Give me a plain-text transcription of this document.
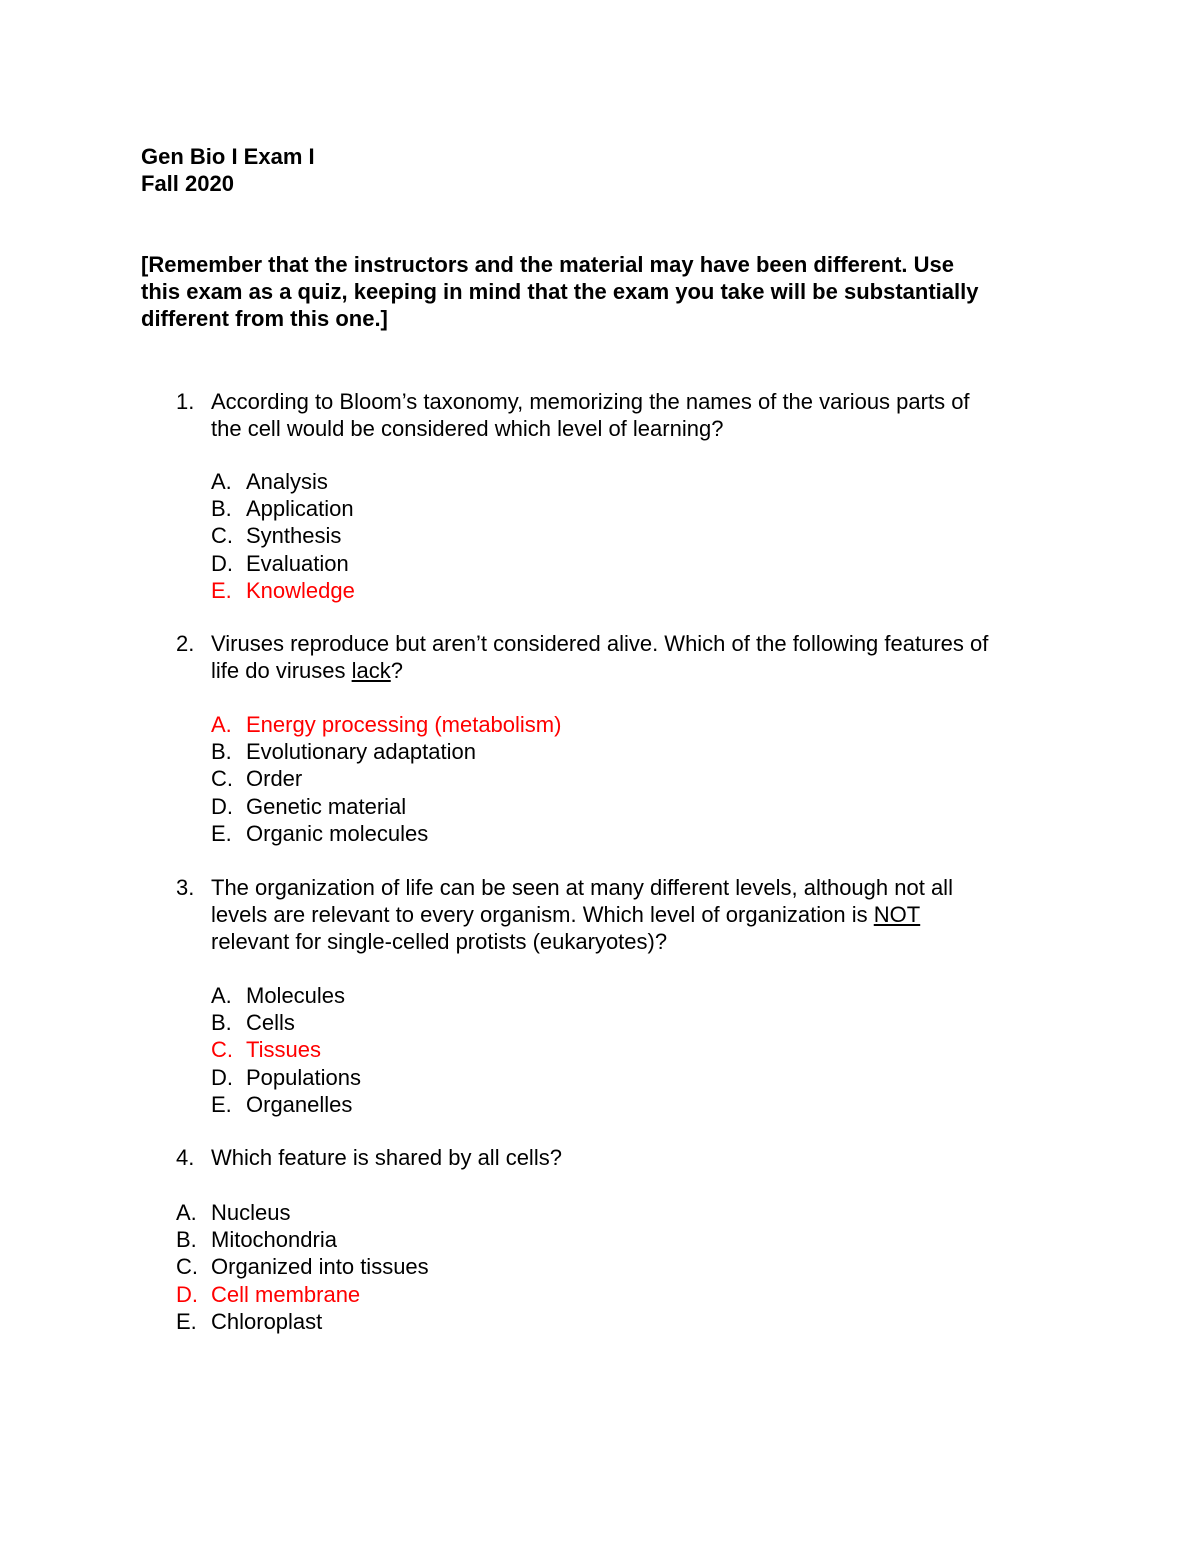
Gen Bio I Exam I
Fall 2020
[Remember that the instructors and the material may have been different. Use
this exam as a quiz, keeping in mind that the exam you take will be substantially
different from this one.]
1. According to Bloom’s taxonomy, memorizing the names of the various parts of
the cell would be considered which level of learning?
A. Analysis
B. Application
C. Synthesis
D. Evaluation
E. Knowledge
2. Viruses reproduce but aren’t considered alive. Which of the following features of
life do viruses lack?
A. Energy processing (metabolism)
B. Evolutionary adaptation
C. Order
D. Genetic material
E. Organic molecules
3. The organization of life can be seen at many different levels, although not all
levels are relevant to every organism. Which level of organization is NOT
relevant for single-celled protists (eukaryotes)?
A. Molecules
B. Cells
C. Tissues
D. Populations
E. Organelles
4. Which feature is shared by all cells?
A. Nucleus
B. Mitochondria
C. Organized into tissues
D. Cell membrane
E. Chloroplast
